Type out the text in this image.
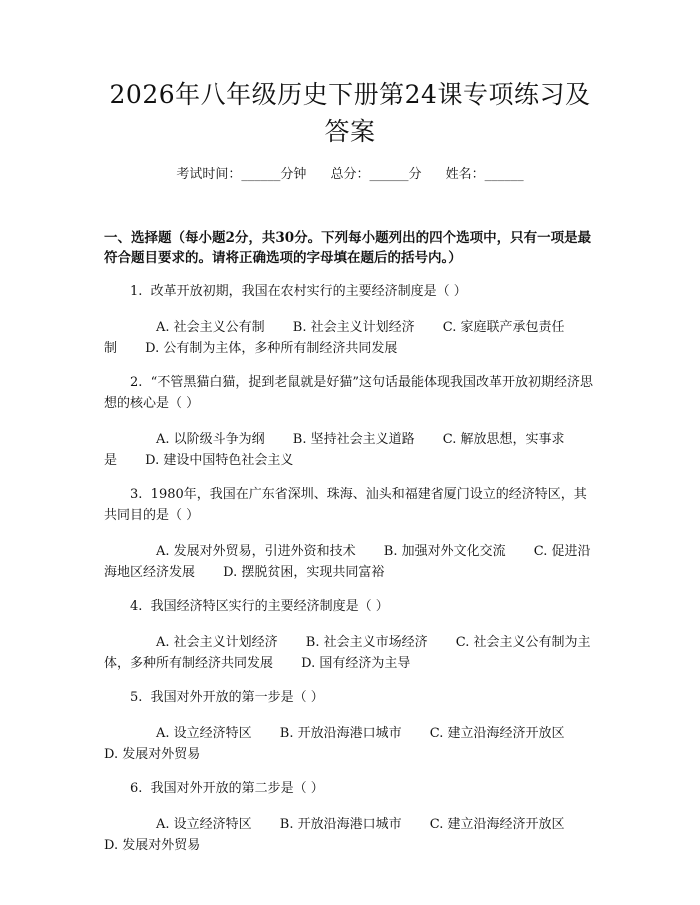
2026年八年级历史下册第24课专项练习及答案
考试时间：______分钟 总分：______分 姓名：______
一、选择题（每小题2分，共30分。下列每小题列出的四个选项中，只有一项是最符合题目要求的。请将正确选项的字母填在题后的括号内。）
1.  改革开放初期，我国在农村实行的主要经济制度是（ ）
A. 社会主义公有制 B. 社会主义计划经济 C. 家庭联产承包责任制 D. 公有制为主体，多种所有制经济共同发展
2.  “不管黑猫白猫，捉到老鼠就是好猫”这句话最能体现我国改革开放初期经济思想的核心是（ ）
A. 以阶级斗争为纲 B. 坚持社会主义道路 C. 解放思想，实事求是 D. 建设中国特色社会主义
3.  1980年，我国在广东省深圳、珠海、汕头和福建省厦门设立的经济特区，其共同目的是（ ）
A. 发展对外贸易，引进外资和技术 B. 加强对外文化交流 C. 促进沿海地区经济发展 D. 摆脱贫困，实现共同富裕
4.  我国经济特区实行的主要经济制度是（ ）
A. 社会主义计划经济 B. 社会主义市场经济 C. 社会主义公有制为主体，多种所有制经济共同发展 D. 国有经济为主导
5.  我国对外开放的第一步是（ ）
A. 设立经济特区 B. 开放沿海港口城市 C. 建立沿海经济开放区 D. 发展对外贸易
6.  我国对外开放的第二步是（ ）
A. 设立经济特区 B. 开放沿海港口城市 C. 建立沿海经济开放区 D. 发展对外贸易
